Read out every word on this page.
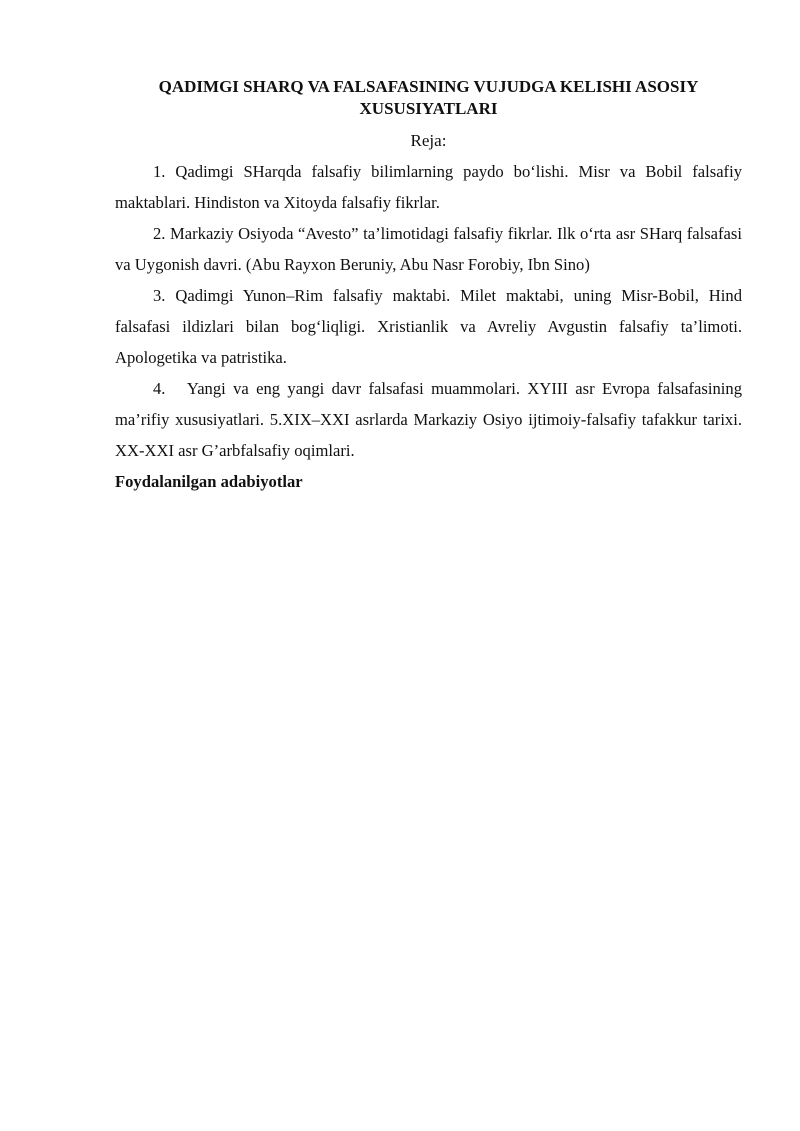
QADIMGI SHARQ VA FALSAFASINING VUJUDGA KELISHI ASOSIY XUSUSIYATLARI

Reja:

1. Qadimgi SHarqda falsafiy bilimlarning paydo bo‘lishi. Misr va Bobil falsafiy maktablari. Hindiston va Xitoyda falsafiy fikrlar.

2. Markaziy Osiyoda “Avesto” ta’limotidagi falsafiy fikrlar. Ilk o‘rta asr SHarq falsafasi va Uygonish davri. (Abu Rayxon Beruniy, Abu Nasr Forobiy, Ibn Sino)

3. Qadimgi Yunon–Rim falsafiy maktabi. Milet maktabi, uning Misr-Bobil, Hind falsafasi ildizlari bilan bog‘liqligi. Xristianlik va Avreliy Avgustin falsafiy ta’limoti. Apologetika va patristika.

4. Yangi va eng yangi davr falsafasi muammolari. XYIII asr Evropa falsafasining ma’rifiy xususiyatlari. 5.XIX–XXI asrlarda Markaziy Osiyo ijtimoiy-falsafiy tafakkur tarixi. XX-XXI asr G’arbfalsafiy oqimlari.

Foydalanilgan adabiyotlar
